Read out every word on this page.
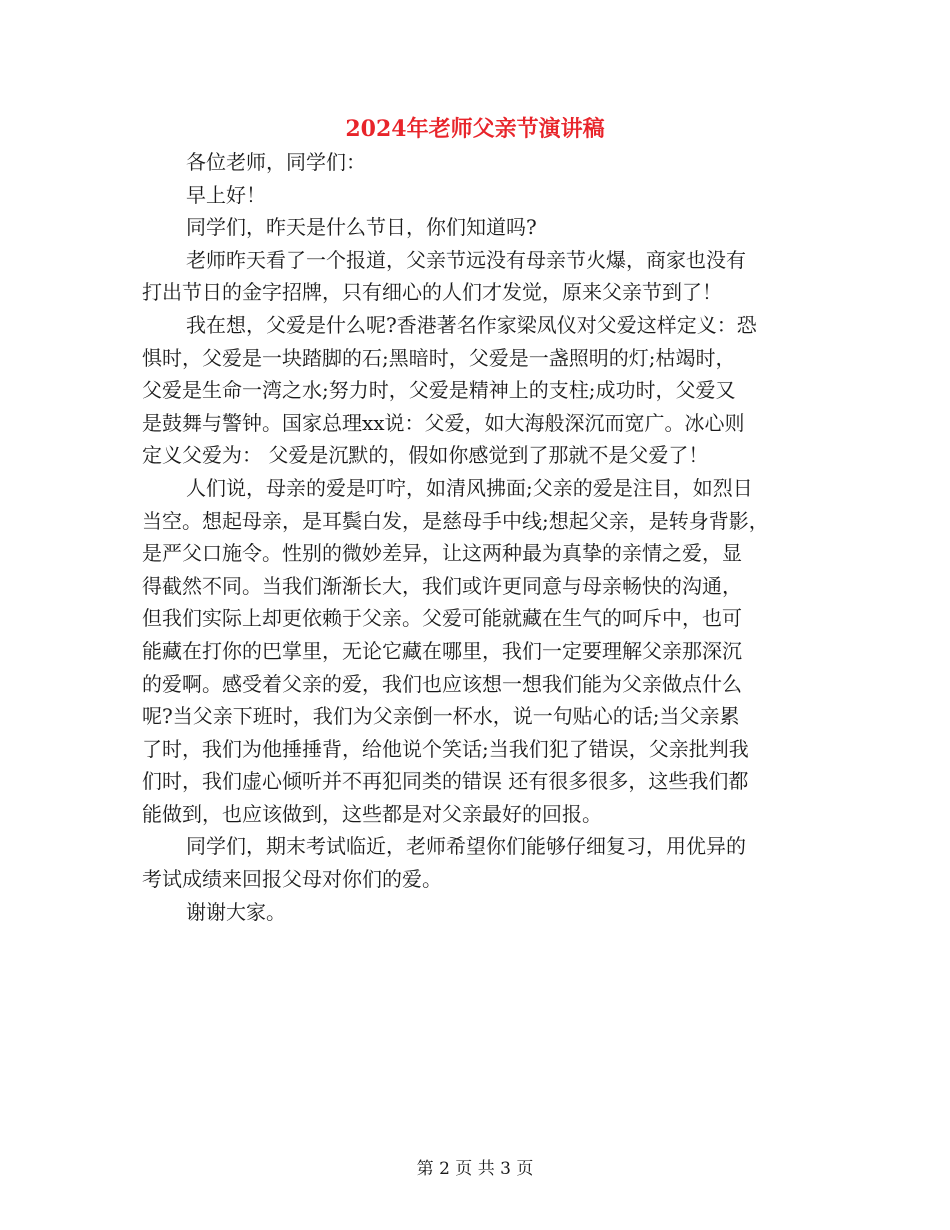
2024年老师父亲节演讲稿

各位老师，同学们：

早上好！

同学们，昨天是什么节日，你们知道吗?

老师昨天看了一个报道，父亲节远没有母亲节火爆，商家也没有
打出节日的金字招牌，只有细心的人们才发觉，原来父亲节到了！

我在想，父爱是什么呢?香港著名作家梁凤仪对父爱这样定义：恐
惧时，父爱是一块踏脚的石;黑暗时，父爱是一盏照明的灯;枯竭时，
父爱是生命一湾之水;努力时，父爱是精神上的支柱;成功时，父爱又
是鼓舞与警钟。国家总理xx说：父爱，如大海般深沉而宽广。冰心则
定义父爱为： 父爱是沉默的，假如你感觉到了那就不是父爱了！

人们说，母亲的爱是叮咛，如清风拂面;父亲的爱是注目，如烈日
当空。想起母亲，是耳鬓白发，是慈母手中线;想起父亲，是转身背影，
是严父口施令。性别的微妙差异，让这两种最为真挚的亲情之爱，显
得截然不同。当我们渐渐长大，我们或许更同意与母亲畅快的沟通，
但我们实际上却更依赖于父亲。父爱可能就藏在生气的呵斥中，也可
能藏在打你的巴掌里，无论它藏在哪里，我们一定要理解父亲那深沉
的爱啊。感受着父亲的爱，我们也应该想一想我们能为父亲做点什么
呢?当父亲下班时，我们为父亲倒一杯水，说一句贴心的话;当父亲累
了时，我们为他捶捶背，给他说个笑话;当我们犯了错误，父亲批判我
们时，我们虚心倾听并不再犯同类的错误 还有很多很多，这些我们都
能做到，也应该做到，这些都是对父亲最好的回报。

同学们，期末考试临近，老师希望你们能够仔细复习，用优异的
考试成绩来回报父母对你们的爱。

谢谢大家。

第 2 页 共 3 页
